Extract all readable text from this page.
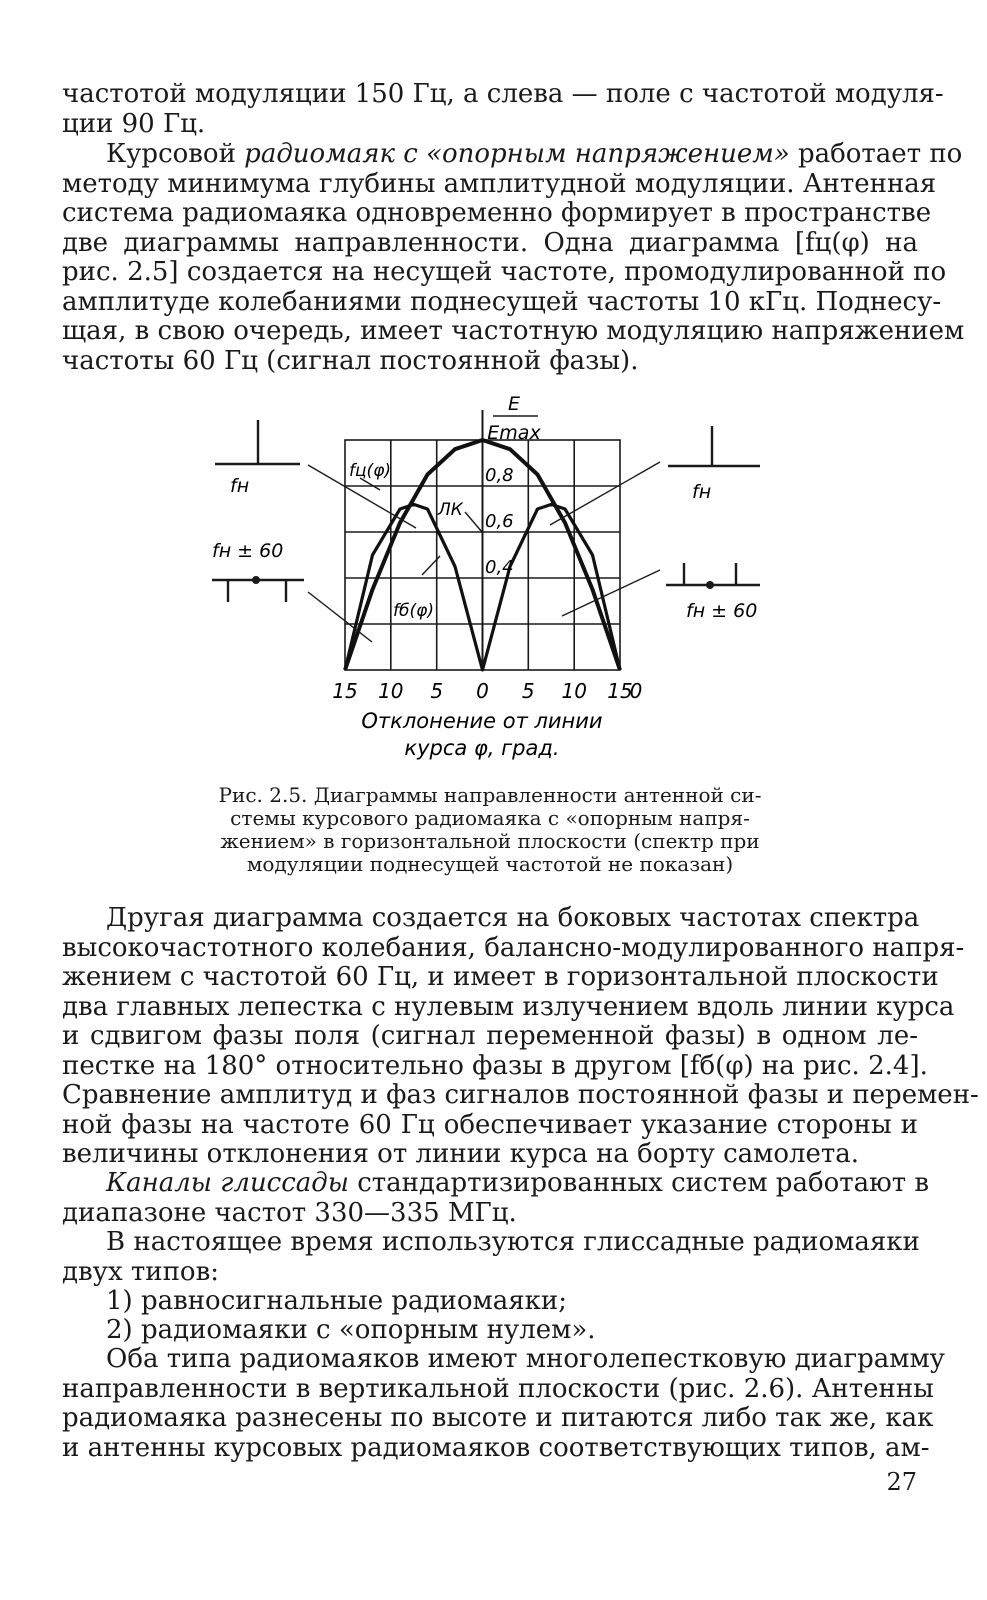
частотой модуляции 150 Гц, а слева — поле с частотой модуля-
ции 90 Гц.
Курсовой радиомаяк с «опорным напряжением» работает по
методу минимума глубины амплитудной модуляции. Антенная
система радиомаяка одновременно формирует в пространстве
две диаграммы направленности. Одна диаграмма [fц(φ) на
рис. 2.5] создается на несущей частоте, промодулированной по
амплитуде колебаниями поднесущей частоты 10 кГц. Поднесу-
щая, в свою очередь, имеет частотную модуляцию напряжением
частоты 60 Гц (сигнал постоянной фазы).
E
Emax
0,8
0,6
0,4
fц(φ)
fб(φ)
ЛК
15 10 5 0 5 10 15
0
Отклонение от линии
курса φ, град.
fн
fн ± 60
fн
fн ± 60
Рис. 2.5. Диаграммы направленности антенной си-
стемы курсового радиомаяка с «опорным напря-
жением» в горизонтальной плоскости (спектр при
модуляции поднесущей частотой не показан)
Другая диаграмма создается на боковых частотах спектра
высокочастотного колебания, балансно-модулированного напря-
жением с частотой 60 Гц, и имеет в горизонтальной плоскости
два главных лепестка с нулевым излучением вдоль линии курса
и сдвигом фазы поля (сигнал переменной фазы) в одном ле-
пестке на 180° относительно фазы в другом [fб(φ) на рис. 2.4].
Сравнение амплитуд и фаз сигналов постоянной фазы и перемен-
ной фазы на частоте 60 Гц обеспечивает указание стороны и
величины отклонения от линии курса на борту самолета.
Каналы глиссады стандартизированных систем работают в
диапазоне частот 330—335 МГц.
В настоящее время используются глиссадные радиомаяки
двух типов:
1) равносигнальные радиомаяки;
2) радиомаяки с «опорным нулем».
Оба типа радиомаяков имеют многолепестковую диаграмму
направленности в вертикальной плоскости (рис. 2.6). Антенны
радиомаяка разнесены по высоте и питаются либо так же, как
и антенны курсовых радиомаяков соответствующих типов, ам-
27
